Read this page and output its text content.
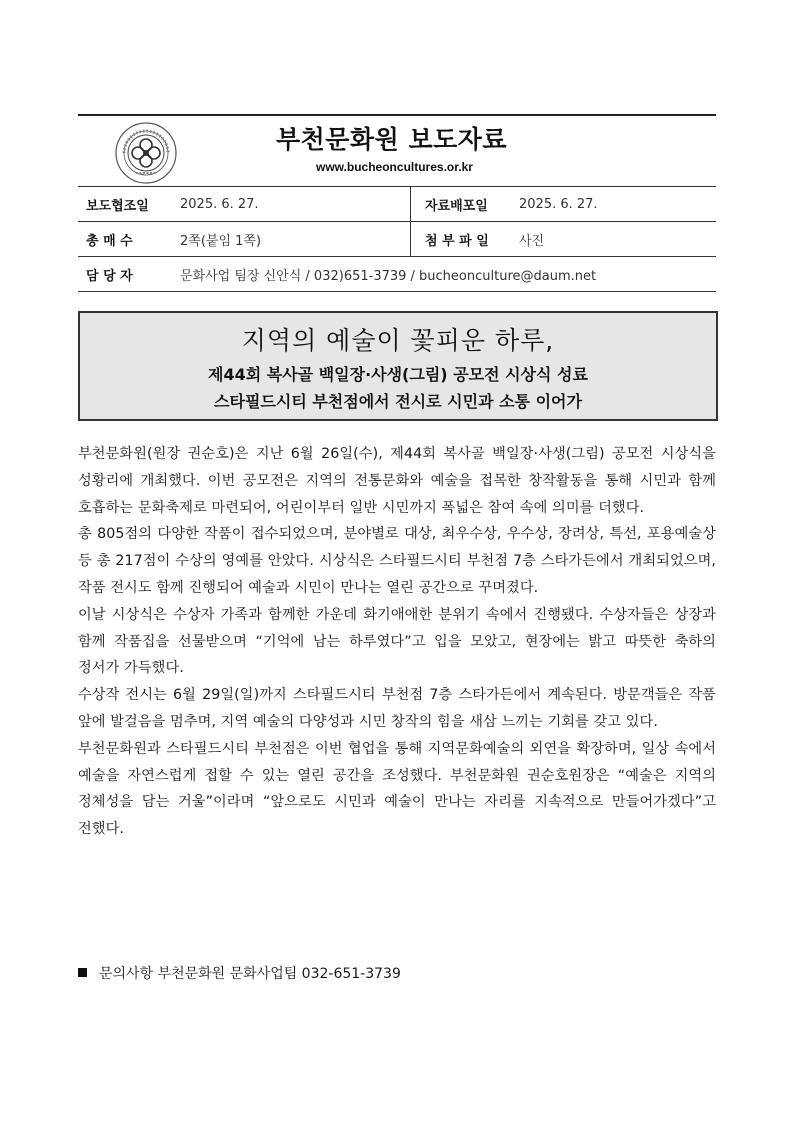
부천문화원 보도자료
www.bucheoncultures.or.kr
보도협조일	2025. 6. 27.	자료배포일	2025. 6. 27.
총 매 수	2쪽(붙임 1쪽)	첨 부 파 일	사진
담 당 자	문화사업 팀장 신안식 / 032)651-3739 / bucheonculture@daum.net		
지역의 예술이 꽃피운 하루,
제44회 복사골 백일장·사생(그림) 공모전 시상식 성료
스타필드시티 부천점에서 전시로 시민과 소통 이어가

부천문화원(원장 권순호)은 지난 6월 26일(수), 제44회 복사골 백일장·사생(그림) 공모전 시상식을 성황리에 개최했다. 이번 공모전은 지역의 전통문화와 예술을 접목한 창작활동을 통해 시민과 함께 호흡하는 문화축제로 마련되어, 어린이부터 일반 시민까지 폭넓은 참여 속에 의미를 더했다.

총 805점의 다양한 작품이 접수되었으며, 분야별로 대상, 최우수상, 우수상, 장려상, 특선, 포용예술상 등 총 217점이 수상의 영예를 안았다. 시상식은 스타필드시티 부천점 7층 스타가든에서 개최되었으며, 작품 전시도 함께 진행되어 예술과 시민이 만나는 열린 공간으로 꾸며졌다.

이날 시상식은 수상자 가족과 함께한 가운데 화기애애한 분위기 속에서 진행됐다. 수상자들은 상장과 함께 작품집을 선물받으며 “기억에 남는 하루였다”고 입을 모았고, 현장에는 밝고 따뜻한 축하의 정서가 가득했다.

수상작 전시는 6월 29일(일)까지 스타필드시티 부천점 7층 스타가든에서 계속된다. 방문객들은 작품 앞에 발걸음을 멈추며, 지역 예술의 다양성과 시민 창작의 힘을 새삼 느끼는 기회를 갖고 있다.

부천문화원과 스타필드시티 부천점은 이번 협업을 통해 지역문화예술의 외연을 확장하며, 일상 속에서 예술을 자연스럽게 접할 수 있는 열린 공간을 조성했다. 부천문화원 권순호원장은 “예술은 지역의 정체성을 담는 거울”이라며 “앞으로도 시민과 예술이 만나는 자리를 지속적으로 만들어가겠다”고 전했다.

문의사항 부천문화원 문화사업팀 032-651-3739
